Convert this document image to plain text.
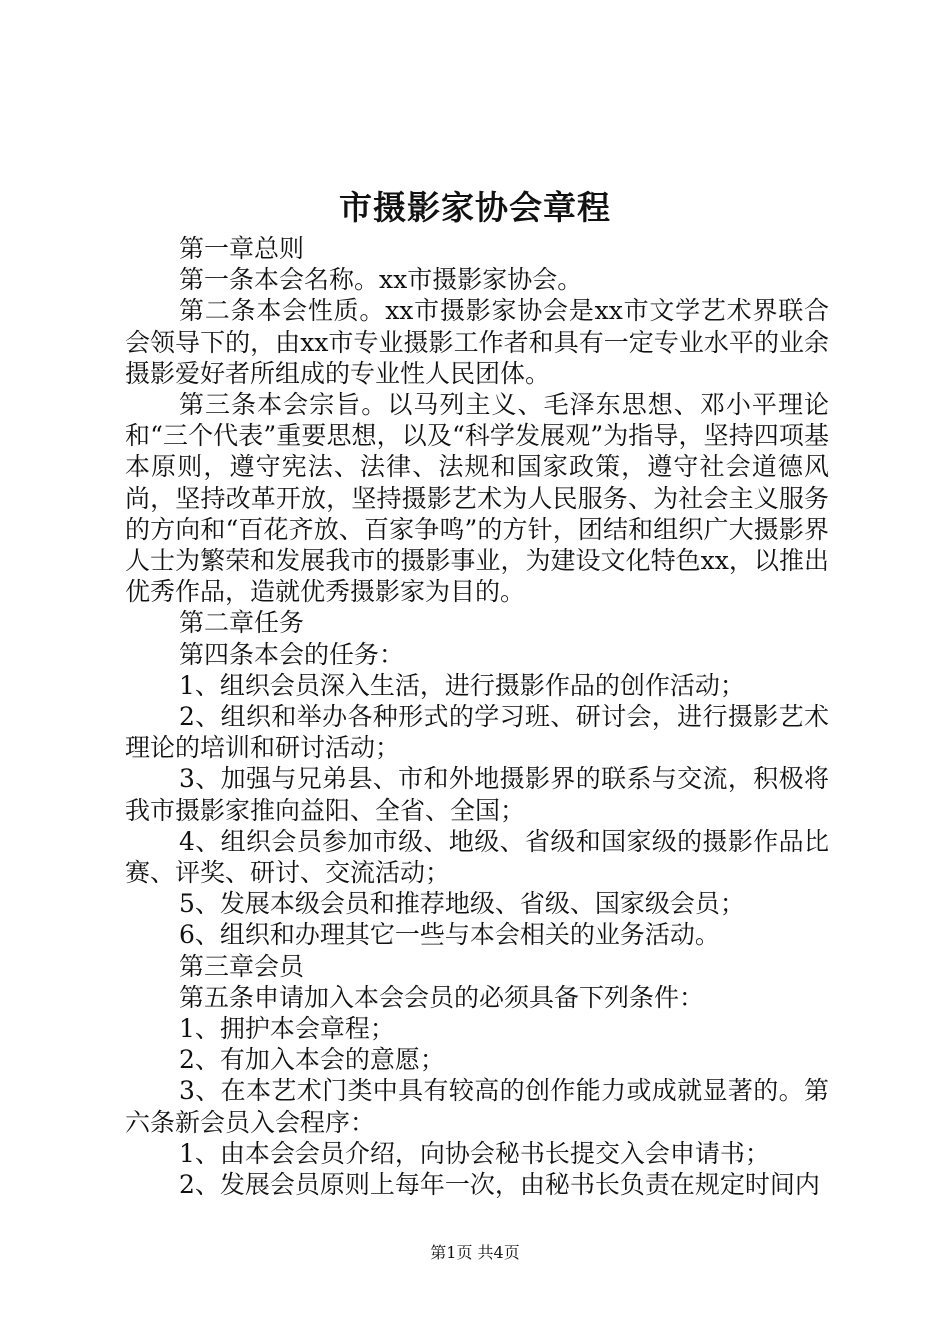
市摄影家协会章程

第一章总则

第一条本会名称。xx市摄影家协会。

第二条本会性质。xx市摄影家协会是xx市文学艺术界联合会领导下的，由xx市专业摄影工作者和具有一定专业水平的业余摄影爱好者所组成的专业性人民团体。

第三条本会宗旨。以马列主义、毛泽东思想、邓小平理论和“三个代表”重要思想，以及“科学发展观”为指导，坚持四项基本原则，遵守宪法、法律、法规和国家政策，遵守社会道德风尚，坚持改革开放，坚持摄影艺术为人民服务、为社会主义服务的方向和“百花齐放、百家争鸣”的方针，团结和组织广大摄影界人士为繁荣和发展我市的摄影事业，为建设文化特色xx，以推出优秀作品，造就优秀摄影家为目的。

第二章任务

第四条本会的任务：

1、组织会员深入生活，进行摄影作品的创作活动；

2、组织和举办各种形式的学习班、研讨会，进行摄影艺术理论的培训和研讨活动；

3、加强与兄弟县、市和外地摄影界的联系与交流，积极将我市摄影家推向益阳、全省、全国；

4、组织会员参加市级、地级、省级和国家级的摄影作品比赛、评奖、研讨、交流活动；

5、发展本级会员和推荐地级、省级、国家级会员；

6、组织和办理其它一些与本会相关的业务活动。

第三章会员

第五条申请加入本会会员的必须具备下列条件：

1、拥护本会章程；

2、有加入本会的意愿；

3、在本艺术门类中具有较高的创作能力或成就显著的。第六条新会员入会程序：

1、由本会会员介绍，向协会秘书长提交入会申请书；

2、发展会员原则上每年一次，由秘书长负责在规定时间内

第1页 共4页
